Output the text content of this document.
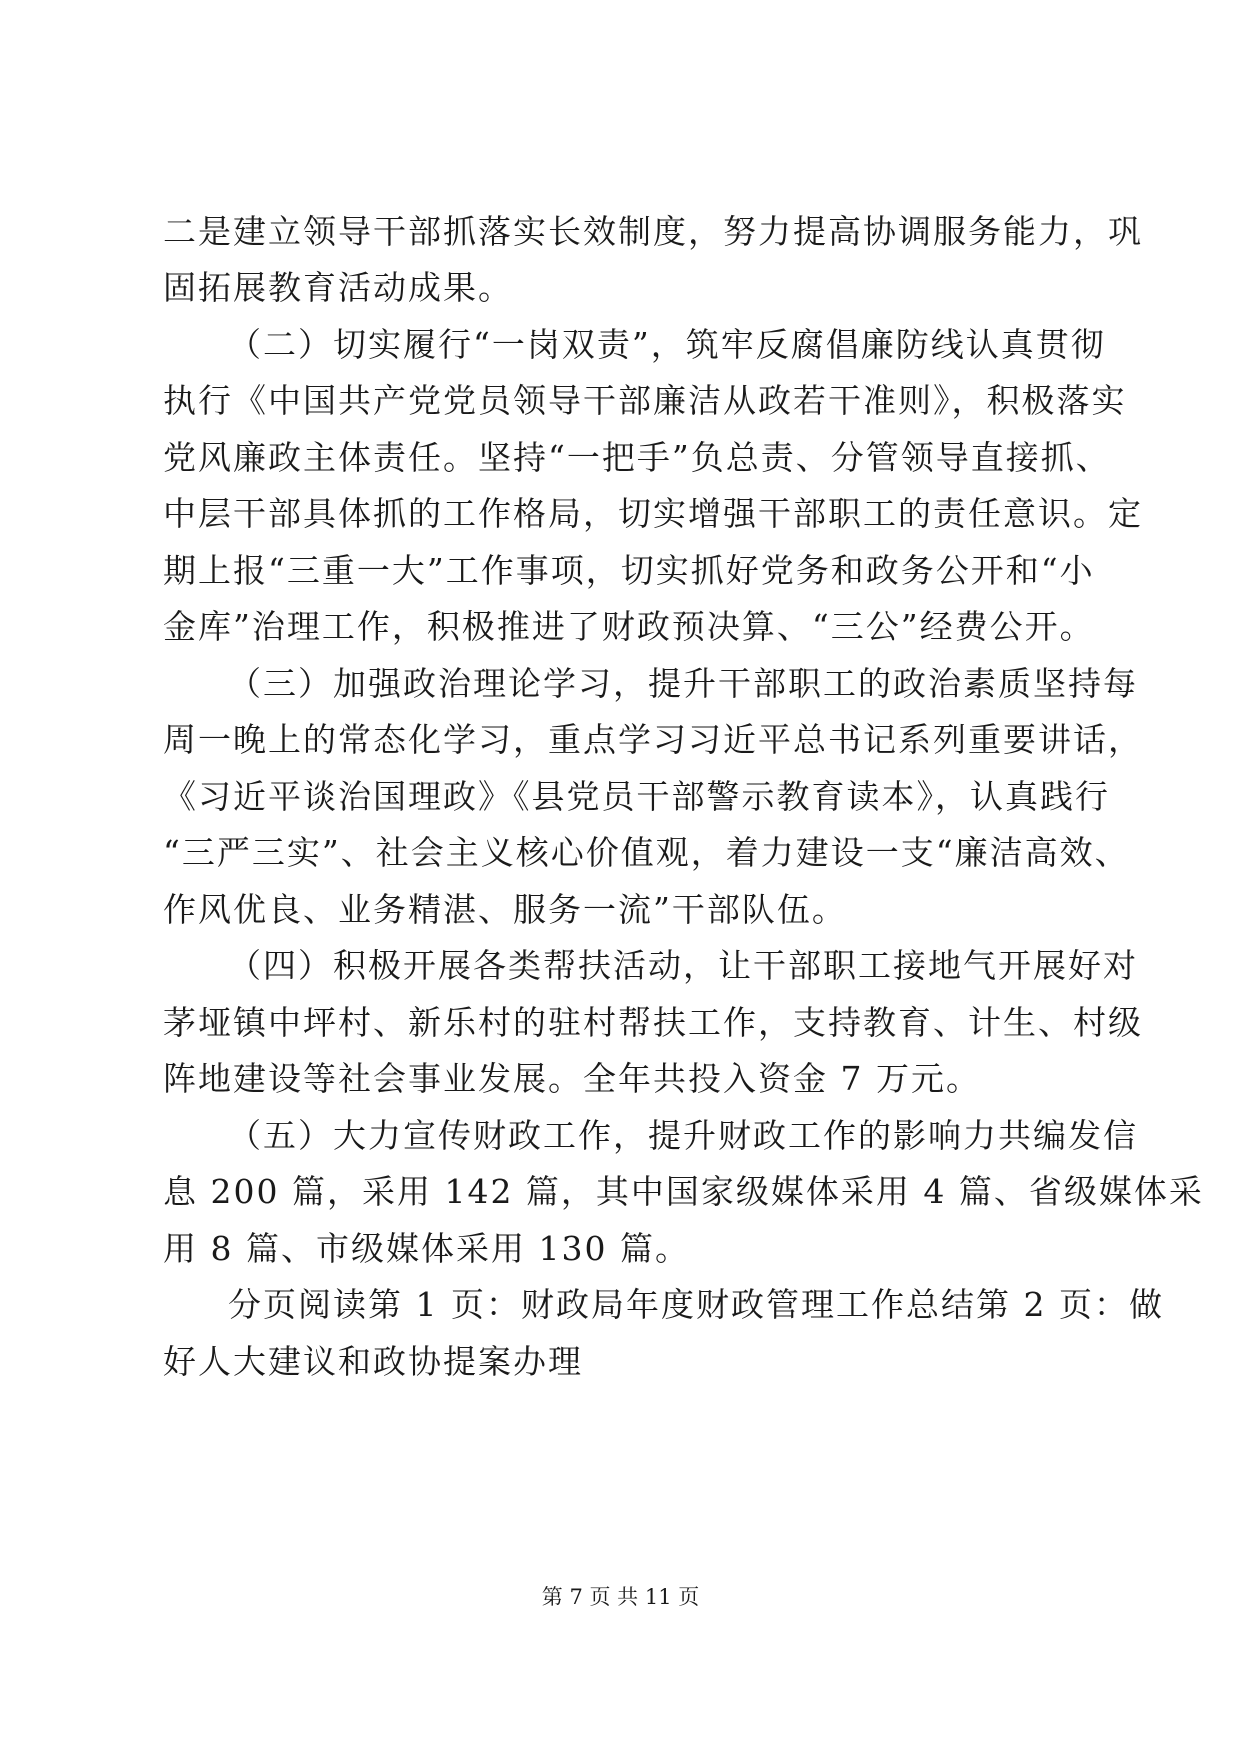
二是建立领导干部抓落实长效制度，努力提高协调服务能力，巩
固拓展教育活动成果。
（二）切实履行“一岗双责”，筑牢反腐倡廉防线认真贯彻
执行《中国共产党党员领导干部廉洁从政若干准则》，积极落实
党风廉政主体责任。坚持“一把手”负总责、分管领导直接抓、
中层干部具体抓的工作格局，切实增强干部职工的责任意识。定
期上报“三重一大”工作事项，切实抓好党务和政务公开和“小
金库”治理工作，积极推进了财政预决算、“三公”经费公开。
（三）加强政治理论学习，提升干部职工的政治素质坚持每
周一晚上的常态化学习，重点学习习近平总书记系列重要讲话，
《习近平谈治国理政》《县党员干部警示教育读本》，认真践行
“三严三实”、社会主义核心价值观，着力建设一支“廉洁高效、
作风优良、业务精湛、服务一流”干部队伍。
（四）积极开展各类帮扶活动，让干部职工接地气开展好对
茅垭镇中坪村、新乐村的驻村帮扶工作，支持教育、计生、村级
阵地建设等社会事业发展。全年共投入资金 7 万元。
（五）大力宣传财政工作，提升财政工作的影响力共编发信
息 200 篇，采用 142 篇，其中国家级媒体采用 4 篇、省级媒体采
用 8 篇、市级媒体采用 130 篇。
分页阅读第 1 页：财政局年度财政管理工作总结第 2 页：做
好人大建议和政协提案办理
第 7 页 共 11 页
